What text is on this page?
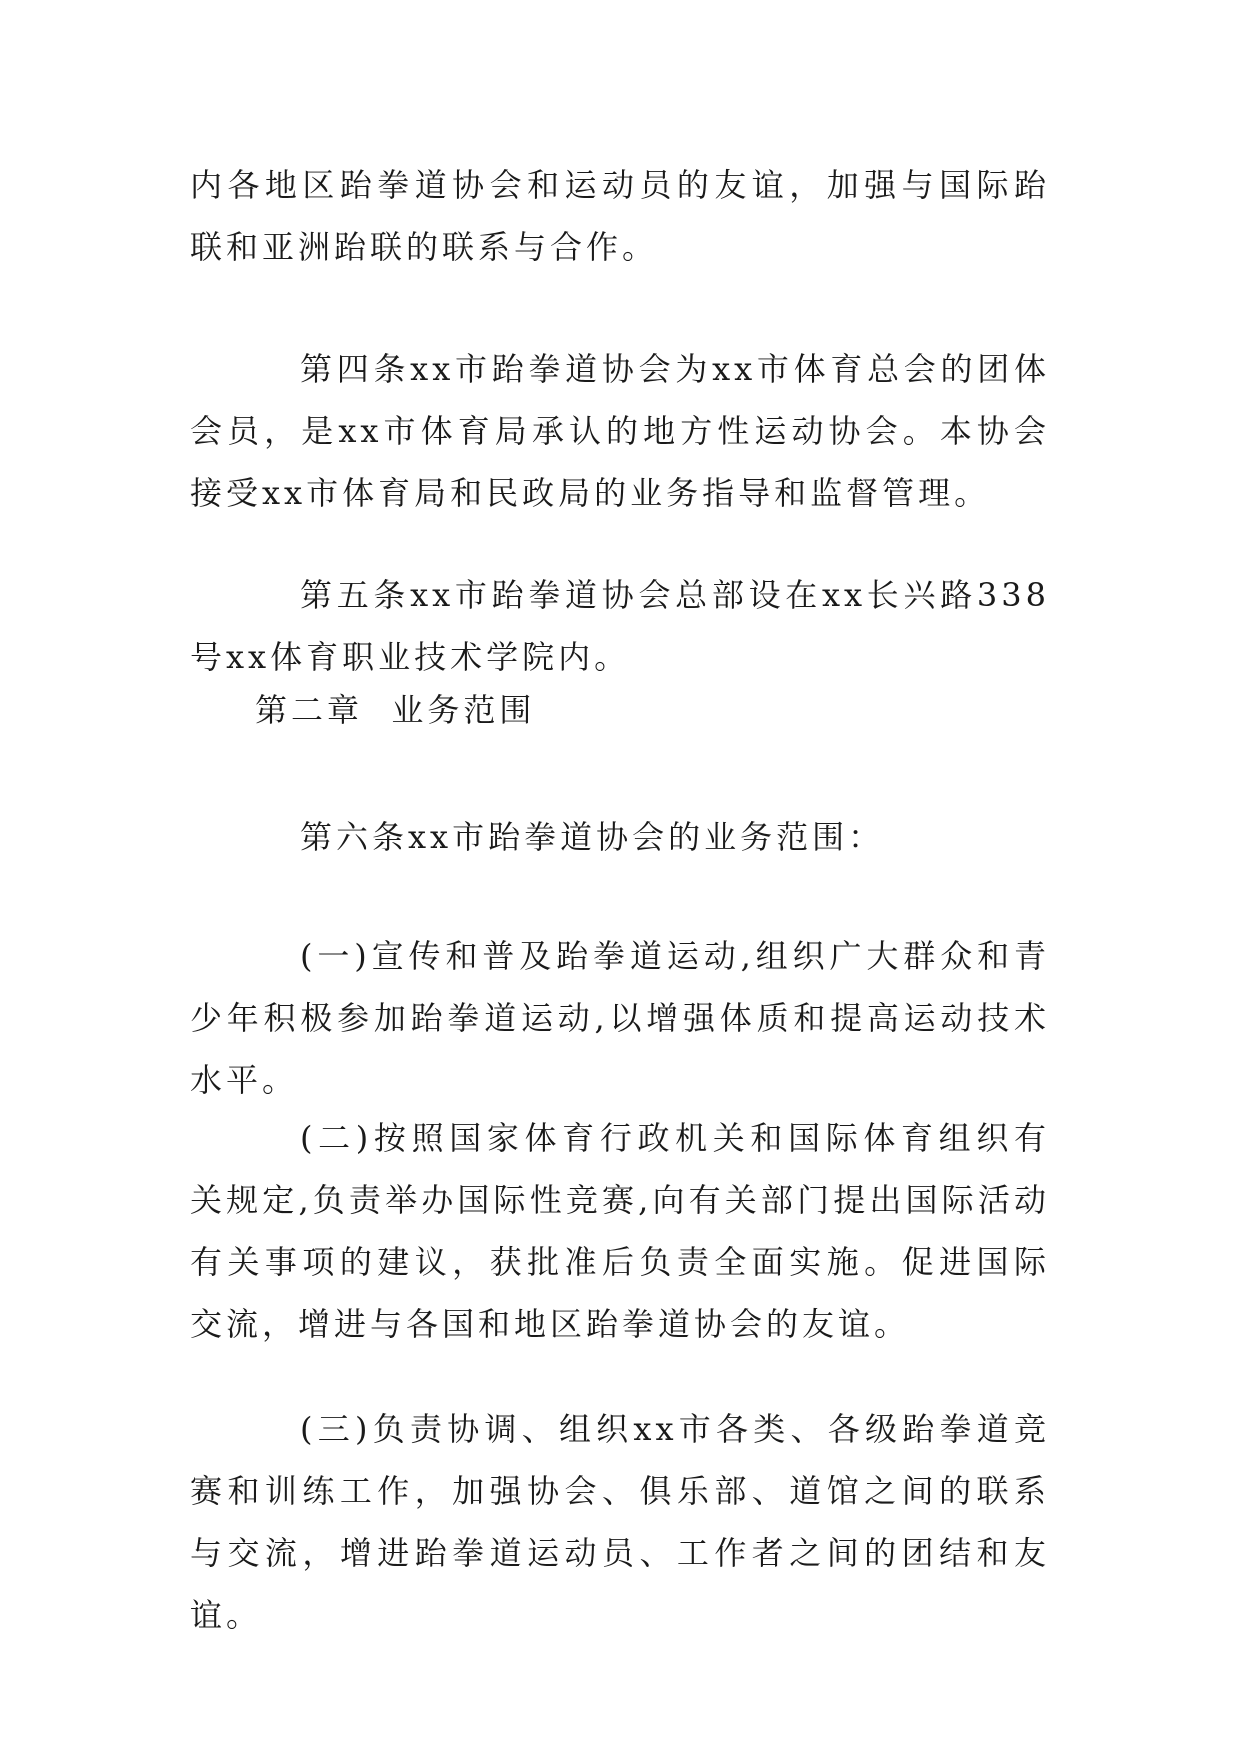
内各地区跆拳道协会和运动员的友谊，加强与国际跆联和亚洲跆联的联系与合作。

第四条xx市跆拳道协会为xx市体育总会的团体会员，是xx市体育局承认的地方性运动协会。本协会接受xx市体育局和民政局的业务指导和监督管理。

第五条xx市跆拳道协会总部设在xx长兴路338号xx体育职业技术学院内。

第二章  业务范围

第六条xx市跆拳道协会的业务范围：

(一)宣传和普及跆拳道运动,组织广大群众和青少年积极参加跆拳道运动,以增强体质和提高运动技术水平。

(二)按照国家体育行政机关和国际体育组织有关规定,负责举办国际性竞赛,向有关部门提出国际活动有关事项的建议，获批准后负责全面实施。促进国际交流，增进与各国和地区跆拳道协会的友谊。

(三)负责协调、组织xx市各类、各级跆拳道竞赛和训练工作，加强协会、俱乐部、道馆之间的联系与交流，增进跆拳道运动员、工作者之间的团结和友谊。
